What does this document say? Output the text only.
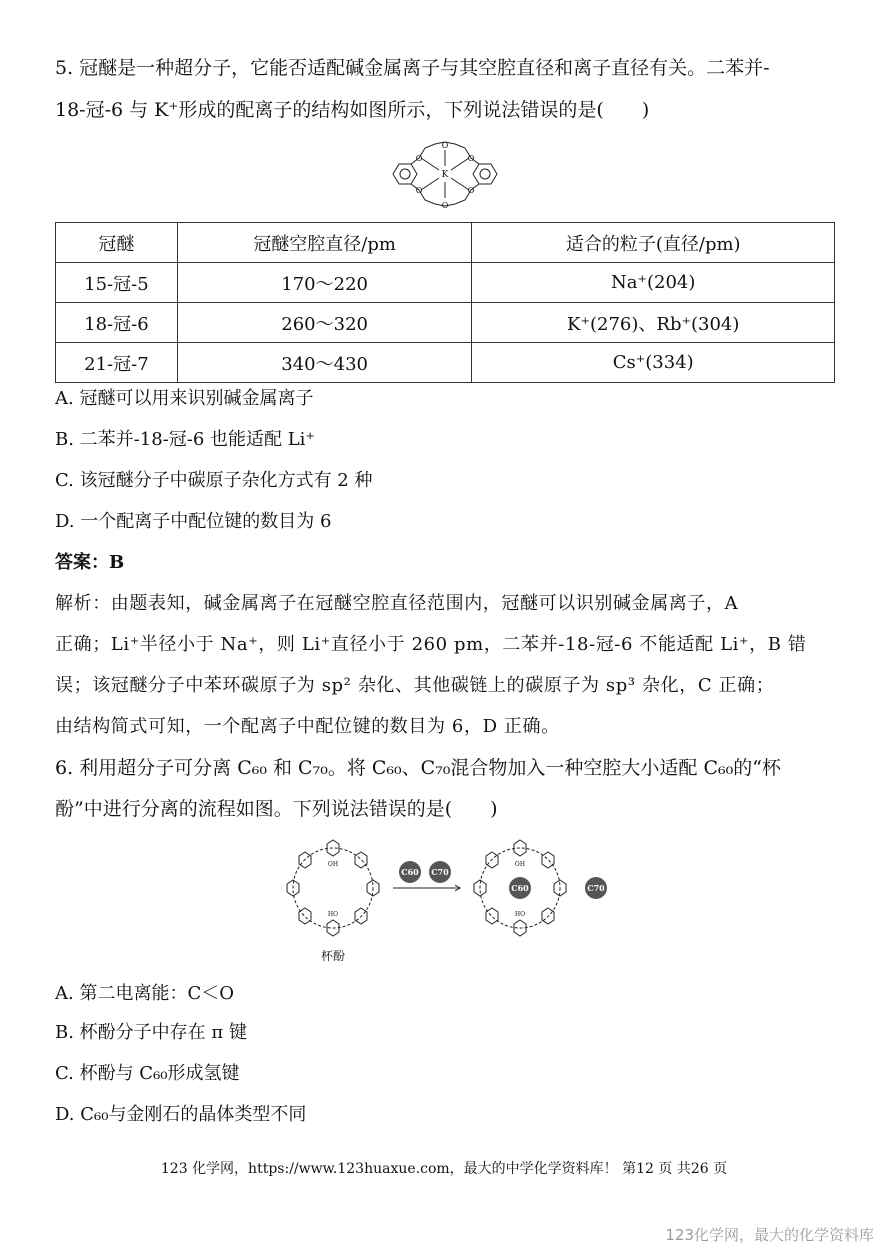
5. 冠醚是一种超分子，它能否适配碱金属离子与其空腔直径和离子直径有关。二苯并-
18-冠-6 与 K⁺形成的配离子的结构如图所示，下列说法错误的是(　　)
O
O
O
O
O
O
K
冠醚	冠醚空腔直径/pm	适合的粒子(直径/pm)
15-冠-5	170～220	Na⁺(204)
18-冠-6	260～320	K⁺(276)、Rb⁺(304)
21-冠-7	340～430	Cs⁺(334)
A. 冠醚可以用来识别碱金属离子
B. 二苯并-18-冠-6 也能适配 Li⁺
C. 该冠醚分子中碳原子杂化方式有 2 种
D. 一个配离子中配位键的数目为 6
答案：B
解析：由题表知，碱金属离子在冠醚空腔直径范围内，冠醚可以识别碱金属离子，A
正确；Li⁺半径小于 Na⁺，则 Li⁺直径小于 260 pm，二苯并-18-冠-6 不能适配 Li⁺，B 错
误；该冠醚分子中苯环碳原子为 sp² 杂化、其他碳链上的碳原子为 sp³ 杂化，C 正确；
由结构简式可知，一个配离子中配位键的数目为 6，D 正确。
6. 利用超分子可分离 C₆₀ 和 C₇₀。将 C₆₀、C₇₀混合物加入一种空腔大小适配 C₆₀的“杯
酚”中进行分离的流程如图。下列说法错误的是(　　)
C60 C70
C60	C70
OH
HO
OH
HO
杯酚
A. 第二电离能：C＜O
B. 杯酚分子中存在 π 键
C. 杯酚与 C₆₀形成氢键
D. C₆₀与金刚石的晶体类型不同
123 化学网，https://www.123huaxue.com，最大的中学化学资料库！ 第12 页 共26 页
123化学网，最大的化学资料库
